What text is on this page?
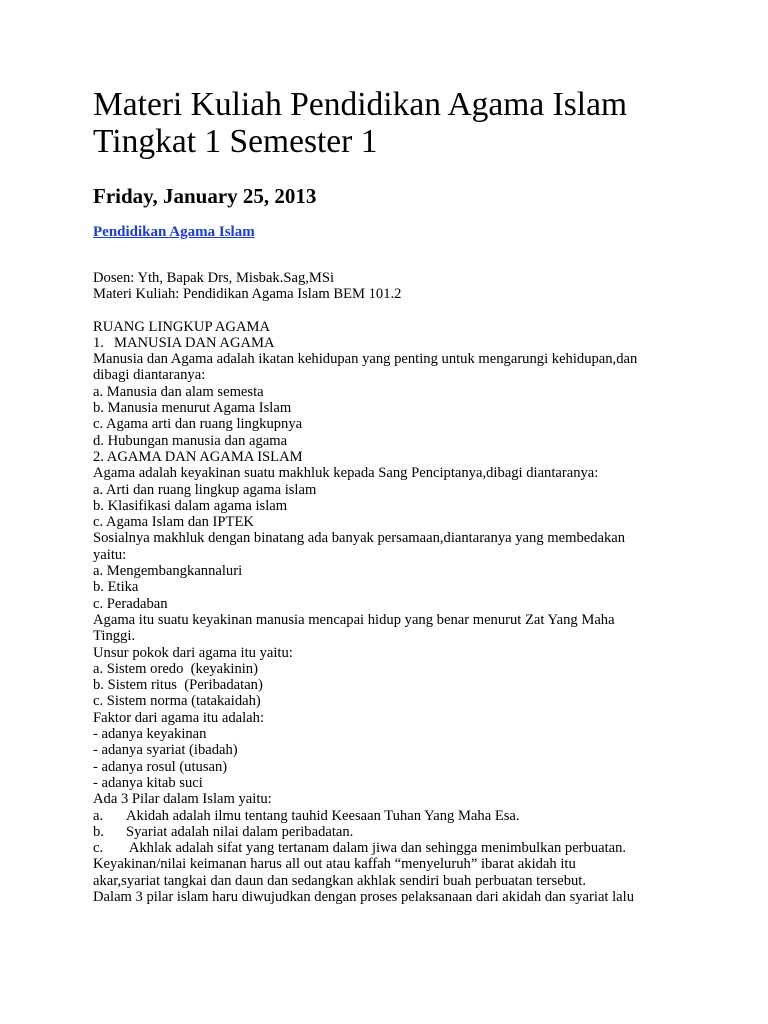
Materi Kuliah Pendidikan Agama Islam
Tingkat 1 Semester 1
Friday, January 25, 2013
Pendidikan Agama Islam
Dosen: Yth, Bapak Drs, Misbak.Sag,MSi
Materi Kuliah: Pendidikan Agama Islam BEM 101.2
RUANG LINGKUP AGAMA
1. MANUSIA DAN AGAMA
Manusia dan Agama adalah ikatan kehidupan yang penting untuk mengarungi kehidupan,dan
dibagi diantaranya:
a. Manusia dan alam semesta
b. Manusia menurut Agama Islam
c. Agama arti dan ruang lingkupnya
d. Hubungan manusia dan agama
2. AGAMA DAN AGAMA ISLAM
Agama adalah keyakinan suatu makhluk kepada Sang Penciptanya,dibagi diantaranya:
a. Arti dan ruang lingkup agama islam
b. Klasifikasi dalam agama islam
c. Agama Islam dan IPTEK
Sosialnya makhluk dengan binatang ada banyak persamaan,diantaranya yang membedakan
yaitu:
a. Mengembangkannaluri
b. Etika
c. Peradaban
Agama itu suatu keyakinan manusia mencapai hidup yang benar menurut Zat Yang Maha
Tinggi.
Unsur pokok dari agama itu yaitu:
a. Sistem oredo  (keyakinin)
b. Sistem ritus  (Peribadatan)
c. Sistem norma (tatakaidah)
Faktor dari agama itu adalah:
- adanya keyakinan
- adanya syariat (ibadah)
- adanya rosul (utusan)
- adanya kitab suci
Ada 3 Pilar dalam Islam yaitu:
a. Akidah adalah ilmu tentang tauhid Keesaan Tuhan Yang Maha Esa.
b. Syariat adalah nilai dalam peribadatan.
c. Akhlak adalah sifat yang tertanam dalam jiwa dan sehingga menimbulkan perbuatan.
Keyakinan/nilai keimanan harus all out atau kaffah “menyeluruh” ibarat akidah itu
akar,syariat tangkai dan daun dan sedangkan akhlak sendiri buah perbuatan tersebut.
Dalam 3 pilar islam haru diwujudkan dengan proses pelaksanaan dari akidah dan syariat lalu
